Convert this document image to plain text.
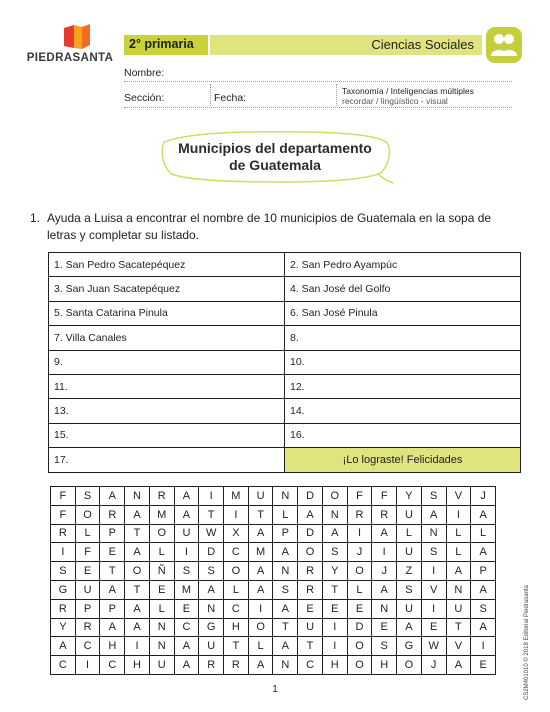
PIEDRASANTA
2° primaria	Ciencias Sociales
Nombre:
Sección:	Fecha:
Taxonomía / Inteligencias múltiples
recordar / lingüístico - visual
Municipios del departamento
de Guatemala
1. Ayuda a Luisa a encontrar el nombre de 10 municipios de Guatemala en la sopa de letras y completar su listado.
1. San Pedro Sacatepéquez	2. San Pedro Ayampúc
3. San Juan Sacatepéquez	4. San José del Golfo
5. Santa Catarina Pinula	6. San José Pinula
7. Villa Canales	8.
9.	10.
11.	12.
13.	14.
15.	16.
17.	¡Lo lograste! Felicidades
F	S	A	N	R	A	I	M	U	N	D	O	F	F	Y	S	V	J
F	O	R	A	M	A	T	I	T	L	A	N	R	R	U	A	I	A
R	L	P	T	O	U	W	X	A	P	D	A	I	A	L	N	L	L
I	F	E	A	L	I	D	C	M	A	O	S	J	I	U	S	L	A
S	E	T	O	Ñ	S	S	O	A	N	R	Y	O	J	Z	I	A	P
G	U	A	T	E	M	A	L	A	S	R	T	L	A	S	V	N	A
R	P	P	A	L	E	N	C	I	A	E	E	E	N	U	I	U	S
Y	R	A	A	N	C	G	H	O	T	U	I	D	E	A	E	T	A
A	C	H	I	N	A	U	T	L	A	T	I	O	S	G	W	V	I
C	I	C	H	U	A	R	R	A	N	C	H	O	H	O	J	A	E	CS2M401010 © 2018 Editorial Piedrasanta
1
